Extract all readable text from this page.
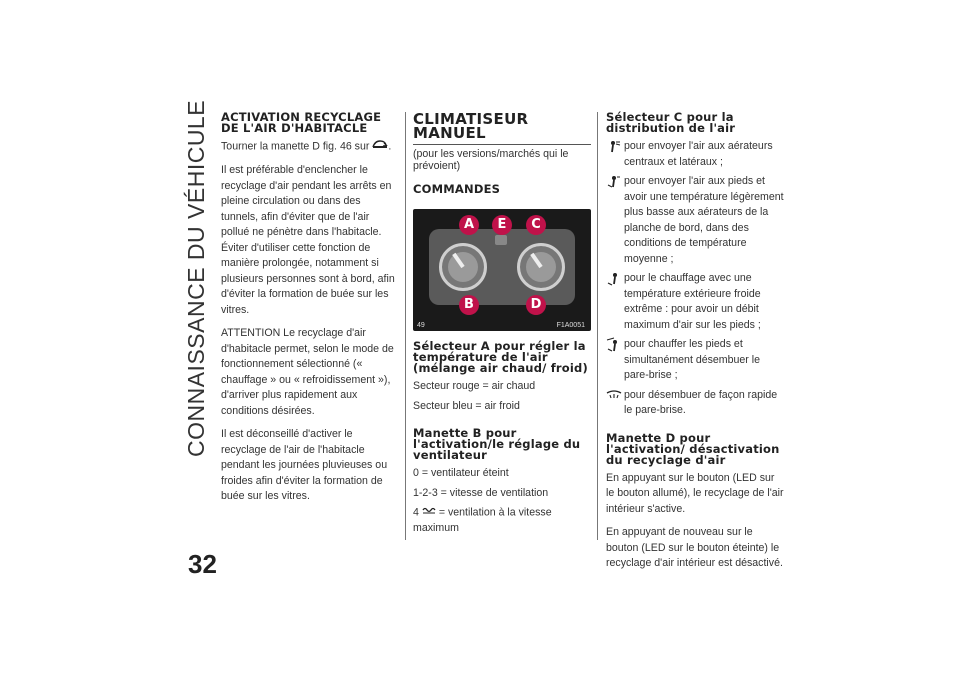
CONNAISSANCE DU VÉHICULE
32
ACTIVATION RECYCLAGE DE L'AIR D'HABITACLE

Tourner la manette D fig. 46 sur .

Il est préférable d'enclencher le recyclage d'air pendant les arrêts en pleine circulation ou dans des tunnels, afin d'éviter que de l'air pollué ne pénètre dans l'habitacle. Éviter d'utiliser cette fonction de manière prolongée, notamment si plusieurs personnes sont à bord, afin d'éviter la formation de buée sur les vitres.

ATTENTION Le recyclage d'air d'habitacle permet, selon le mode de fonctionnement sélectionné (« chauffage » ou « refroidissement »), d'arriver plus rapidement aux conditions désirées.

Il est déconseillé d'activer le recyclage de l'air de l'habitacle pendant les journées pluvieuses ou froides afin d'éviter la formation de buée sur les vitres.

CLIMATISEUR MANUEL

(pour les versions/marchés qui le prévoient)

COMMANDES
A	E	C
B	D
49	F1A0051
Sélecteur A pour régler la température de l'air (mélange air chaud/ froid)

Secteur rouge = air chaud

Secteur bleu = air froid

Manette B pour l'activation/le réglage du ventilateur

0 = ventilateur éteint

1-2-3 = vitesse de ventilation

4 = ventilation à la vitesse maximum

Sélecteur C pour la distribution de l'air

pour envoyer l'air aux aérateurs centraux et latéraux ;

pour envoyer l'air aux pieds et avoir une température légèrement plus basse aux aérateurs de la planche de bord, dans des conditions de température moyenne ;

pour le chauffage avec une température extérieure froide extrême : pour avoir un débit maximum d'air sur les pieds ;

pour chauffer les pieds et simultanément désembuer le pare-brise ;

pour désembuer de façon rapide le pare-brise.

Manette D pour l'activation/ désactivation du recyclage d'air

En appuyant sur le bouton (LED sur le bouton allumé), le recyclage de l'air intérieur s'active.

En appuyant de nouveau sur le bouton (LED sur le bouton éteinte) le recyclage d'air intérieur est désactivé.
